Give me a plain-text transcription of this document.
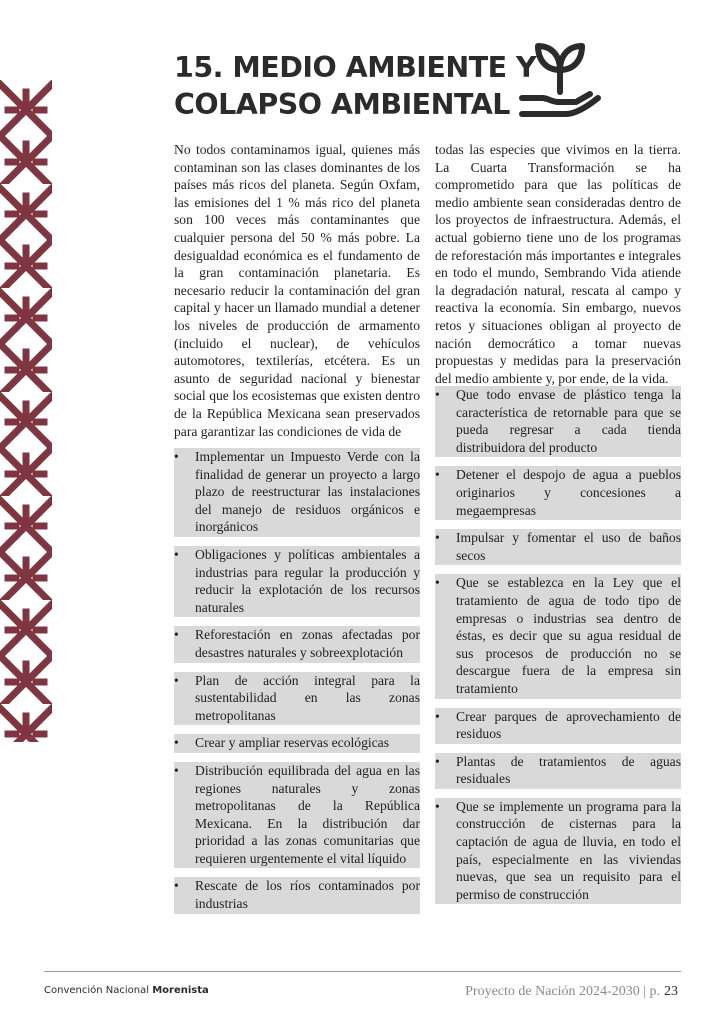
15. MEDIO AMBIENTE Y
COLAPSO AMBIENTAL

No todos contaminamos igual, quienes más contaminan son las clases dominantes de los países más ricos del planeta. Según Oxfam, las emisiones del 1 % más rico del planeta son 100 veces más contaminantes que cualquier persona del 50 % más pobre. La desigualdad económica es el fundamento de la gran contaminación planetaria. Es necesario reducir la contaminación del gran capital y hacer un llamado mundial a detener los niveles de producción de armamento (incluido el nuclear), de vehículos automotores, textilerías, etcétera. Es un asunto de seguridad nacional y bienestar social que los ecosistemas que existen dentro de la República Mexicana sean preservados para garantizar las condiciones de vida de

todas las especies que vivimos en la tierra. La Cuarta Transformación se ha comprometido para que las políticas de medio ambiente sean consideradas dentro de los proyectos de infraestructura. Además, el actual gobierno tiene uno de los programas de reforestación más importantes e integrales en todo el mundo, Sembrando Vida atiende la degradación natural, rescata al campo y reactiva la economía. Sin embargo, nuevos retos y situaciones obligan al proyecto de nación democrático a tomar nuevas propuestas y medidas para la preservación del medio ambiente y, por ende, de la vida.

•	Implementar un Impuesto Verde con la finalidad de generar un proyecto a largo plazo de reestructurar las instalaciones del manejo de residuos orgánicos e inorgánicos
•	Obligaciones y políticas ambientales a industrias para regular la producción y reducir la explotación de los recursos naturales
•	Reforestación en zonas afectadas por desastres naturales y sobreexplotación
•	Plan de acción integral para la sustentabilidad en las zonas metropolitanas
•	Crear y ampliar reservas ecológicas
•	Distribución equilibrada del agua en las regiones naturales y zonas metropolitanas de la República Mexicana. En la distribución dar prioridad a las zonas comunitarias que requieren urgentemente el vital líquido
•	Rescate de los ríos contaminados por industrias
•	Que todo envase de plástico tenga la característica de retornable para que se pueda regresar a cada tienda distribuidora del producto
•	Detener el despojo de agua a pueblos originarios y concesiones a megaempresas
•	Impulsar y fomentar el uso de baños secos
•	Que se establezca en la Ley que el tratamiento de agua de todo tipo de empresas o industrias sea dentro de éstas, es decir que su agua residual de sus procesos de producción no se descargue fuera de la empresa sin tratamiento
•	Crear parques de aprovechamiento de residuos
•	Plantas de tratamientos de aguas residuales
•	Que se implemente un programa para la construcción de cisternas para la captación de agua de lluvia, en todo el país, especialmente en las viviendas nuevas, que sea un requisito para el permiso de construcción
Convención Nacional Morenista	Proyecto de Nación 2024-2030 | p. 23
